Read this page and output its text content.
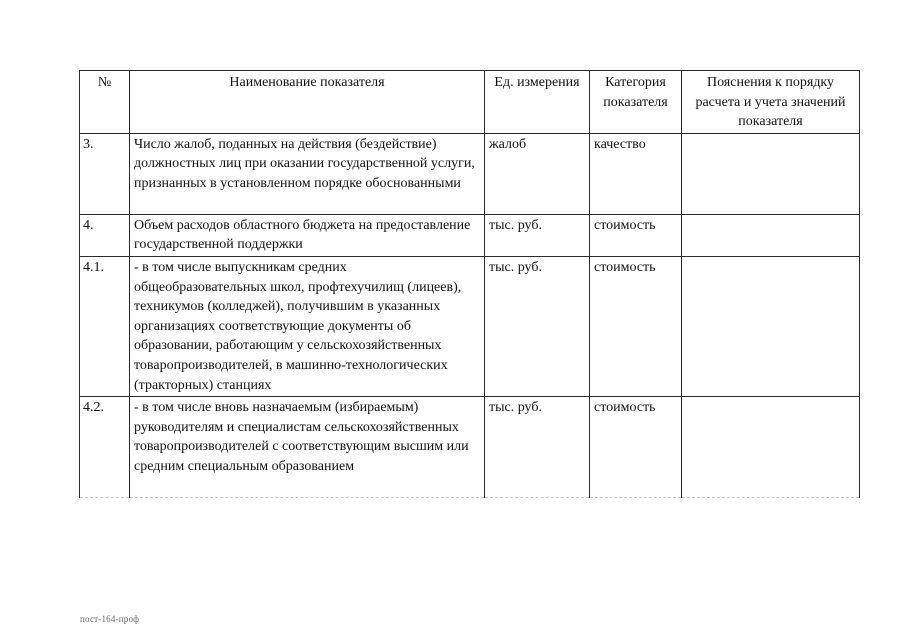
№	Наименование показателя	Ед. измерения	Категория показателя	Пояснения к порядку расчета и учета значений показателя
3.	Число жалоб, поданных на действия (бездействие) должностных лиц при оказании государственной услуги, признанных в установленном порядке обоснованными	жалоб	качество	
4.	Объем расходов областного бюджета на предоставление государственной поддержки	тыс. руб.	стоимость	
4.1.	- в том числе выпускникам средних общеобразовательных школ, профтехучилищ (лицеев), техникумов (колледжей), получившим в указанных организациях соответствующие документы об образовании, работающим у сельскохозяйственных товаропроизводителей, в машинно-технологических (тракторных) станциях	тыс. руб.	стоимость	
4.2.	- в том числе вновь назначаемым (избираемым) руководителям и специалистам сельскохозяйственных товаропроизводителей с соответствующим высшим или средним специальным образованием	тыс. руб.	стоимость	
пост-164-проф
